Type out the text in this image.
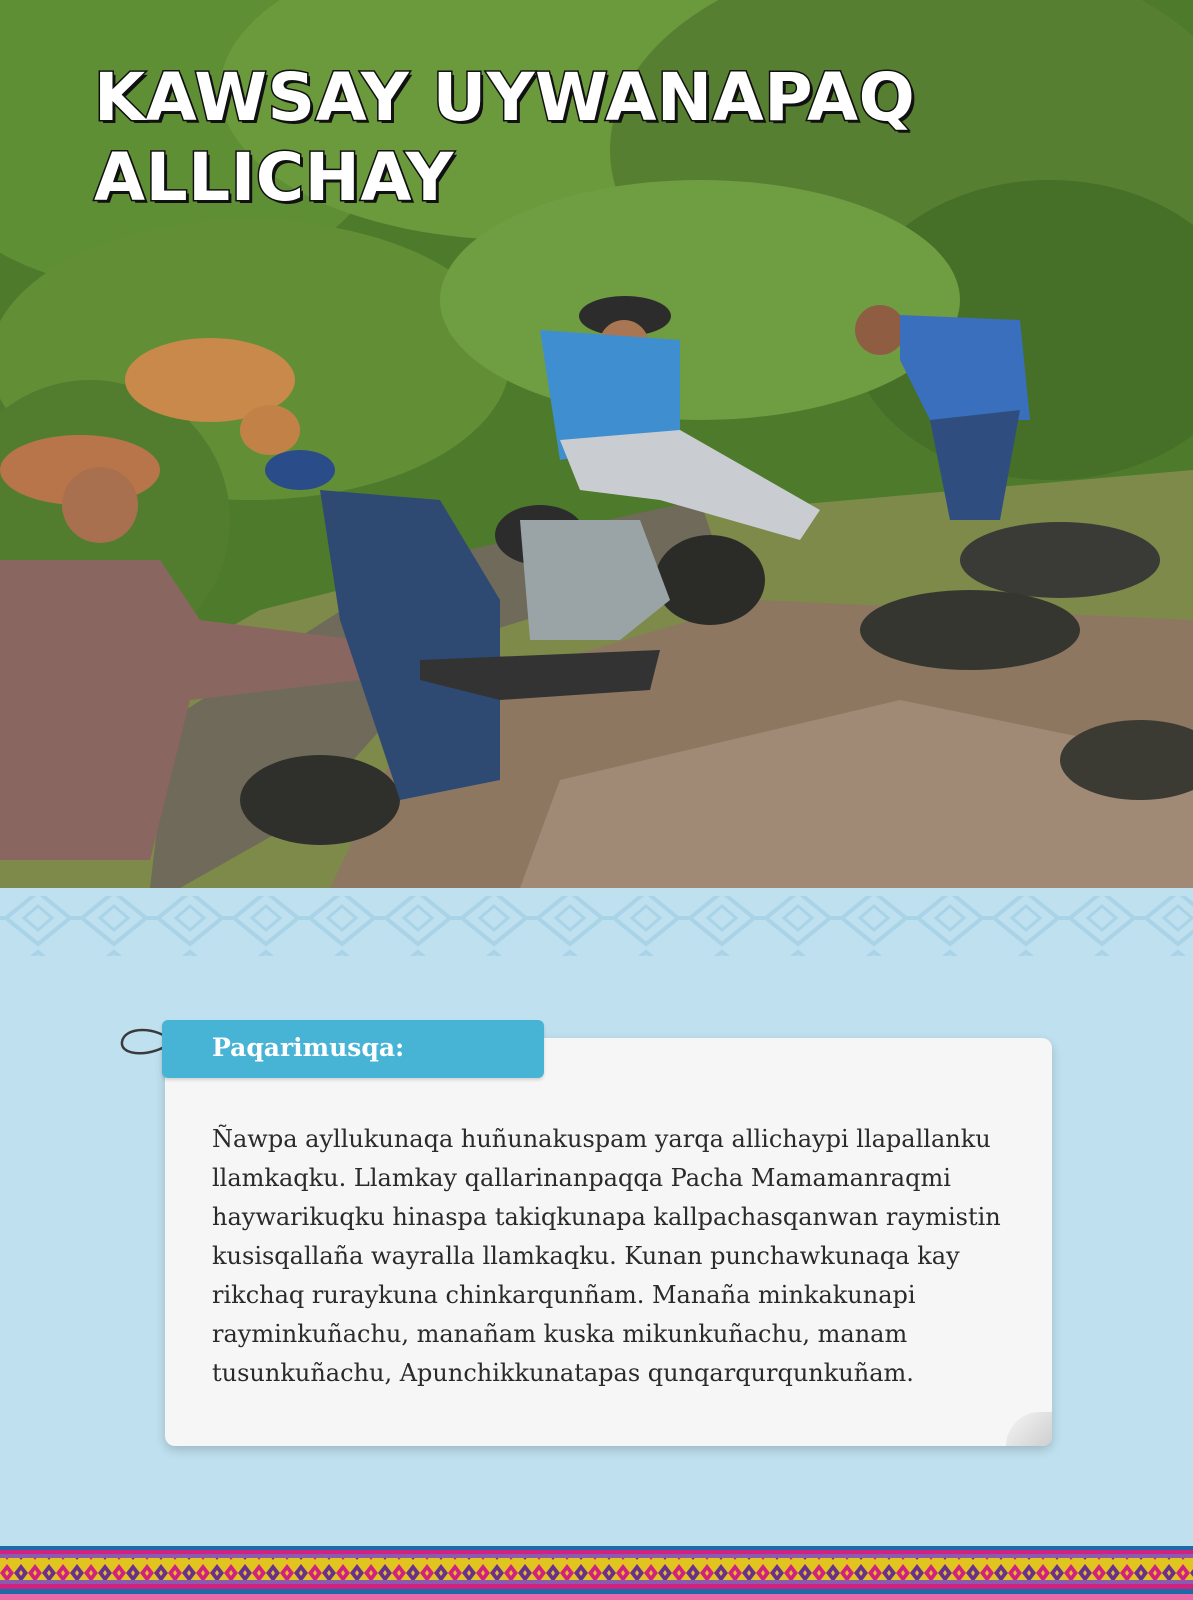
KAWSAY UYWANAPAQ
ALLICHAY
Paqarimusqa:

Ñawpa ayllukunaqa huñunakuspam yarqa allichaypi llapallanku llamkaqku. Llamkay qallarinanpaqqa Pacha Mamamanraqmi haywarikuqku hinaspa takiqkunapa kallpachasqanwan raymistin kusisqallaña wayralla llamkaqku. Kunan punchawkunaqa kay rikchaq ruraykuna chinkarqunñam. Manaña minkakunapi rayminkuñachu, manañam kuska mikunkuñachu, manam tusunkuñachu, Apunchikkunatapas qunqarqurqunkuñam.
